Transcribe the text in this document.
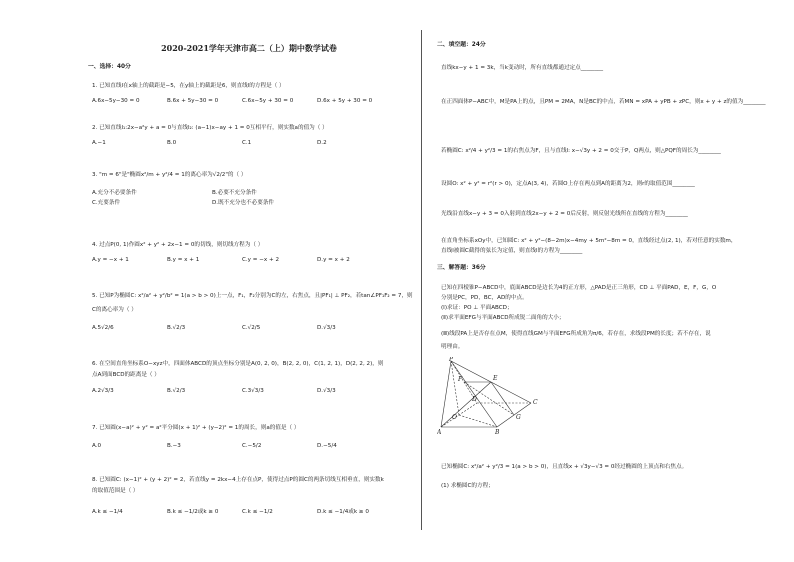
2020-2021学年天津市高二（上）期中数学试卷
一、选择：40分
1. 已知直线l在x轴上的截距是−5，在y轴上的截距是6，则直线l的方程是（ ）
A.6x−5y−30 = 0	B.6x + 5y−30 = 0	C.6x−5y + 30 = 0	D.6x + 5y + 30 = 0
2. 已知直线l₁:2x−a²y + a = 0与直线l₂: (a−1)x−ay + 1 = 0互相平行，则实数a的值为（ ）
A.−1	B.0	C.1	D.2
3. "m = 6"是"椭圆x²/m + y²/4 = 1的离心率为√2/2"的（ ）
A.充分不必要条件	B.必要不充分条件
C.充要条件	D.既不充分也不必要条件
4. 过点P(0, 1)作圆x² + y² + 2x−1 = 0的切线，则切线方程为（ ）
A.y = −x + 1	B.y = x + 1	C.y = −x + 2	D.y = x + 2
5. 已知P为椭圆C: x²/a² + y²/b² = 1(a > b > 0)上一点，F₁，F₂分别为C的左，右焦点，且|PF₁| ⊥ PF₂，若tan∠PF₁F₂ = 7，则
C的离心率为（ ）
A.5√2/6	B.√2/3	C.√2/5	D.√3/3
6. 在空间直角坐标系O−xyz中，四面体ABCD的顶点坐标分别是A(0, 2, 0)，B(2, 2, 0)，C(1, 2, 1)，D(2, 2, 2)，则
点A到面BCD的距离是（ ）
A.2√3/3	B.√2/3	C.3√3/3	D.√3/3
7. 已知圆(x−a)² + y² = a²平分圆(x + 1)² + (y−2)² = 1的周长，则a的值是（ ）
A.0	B.−3	C.−5/2	D.−5/4
8. 已知圆C: (x−1)² + (y + 2)² = 2，若直线y = 2kx−4上存在点P，使得过点P的圆C的两条切线互相垂直，则实数k
的取值范围是（ ）
A.k ≤ −1/4	B.k ≤ −1/2或k ≥ 0	C.k ≤ −1/2	D.k ≤ −1/4或k ≥ 0
二、填空题：24分
直线kx−y + 1 = 3k，当k变动时，所有直线都通过定点________
在正四面体P−ABC中，M是PA上的点，且PM = 2MA，N是BC的中点，若MN = xPA + yPB + zPC，则x + y + z的值为________
若椭圆C: x²/4 + y²/3 = 1的右焦点为F，且与直线l: x−√3y + 2 = 0交于P，Q两点，则△PQF的周长为________
设圆O: x² + y² = r²(r > 0)，定点A(3, 4)，若圆O上存在两点到A的距离为2，则r的取值范围________
光线沿直线x−y + 3 = 0入射到直线2x−y + 2 = 0后反射，则反射光线所在直线的方程为________
在直角坐标系xOy中，已知圆C: x² + y²−(8−2m)x−4my + 5m²−8m = 0，直线经过点(2, 1)，若对任意的实数m，
直线l被圆C截得的弦长为定值，则直线l的方程为________
三、解答题：36分
已知在四棱锥P−ABCD中，底面ABCD是边长为4的正方形，△PAD是正三角形，CD ⊥ 平面PAD，E，F，G，O
分别是PC，PD，BC，AD的中点。
(Ⅰ)求证：PO ⊥ 平面ABCD；
(Ⅱ)求平面EFG与平面ABCD所成锐二面角的大小；
(Ⅲ)线段PA上是否存在点M，使得直线GM与平面EFG所成角为π/6，若存在，求线段PM的长度；若不存在，说
明理由。
P
E
F
D
O
A	B
G
C
已知椭圆C: x²/a² + y²/3 = 1(a > b > 0)，且直线x + √3y−√3 = 0经过椭圆的上顶点和右焦点。
(1) 求椭圆C的方程；
